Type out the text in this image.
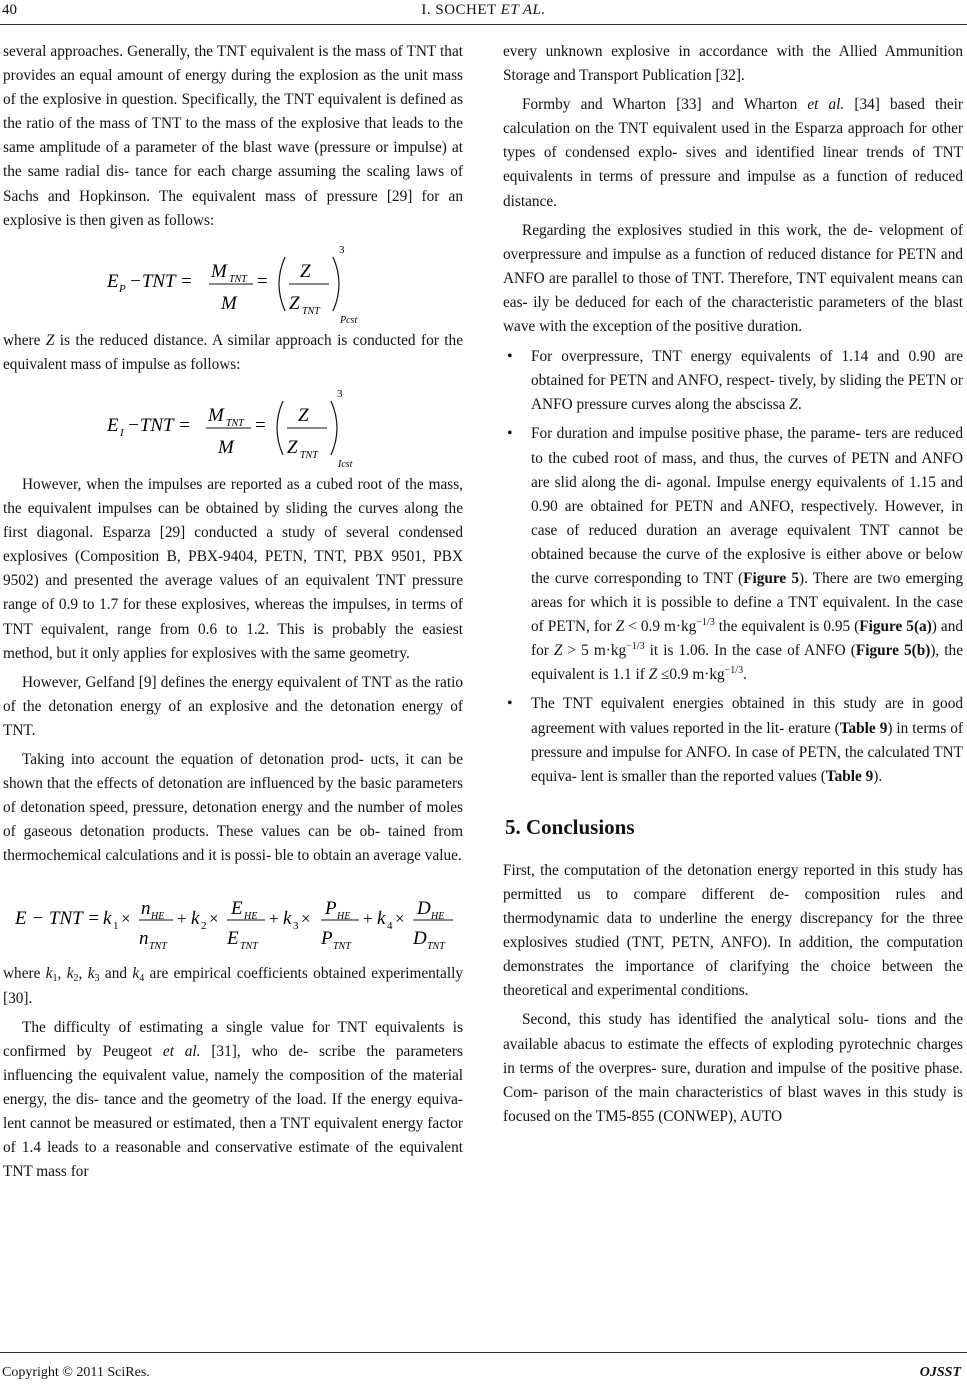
40	I. SOCHET ET AL.

several approaches. Generally, the TNT equivalent is the mass of TNT that provides an equal amount of energy during the explosion as the unit mass of the explosive in question. Specifically, the TNT equivalent is defined as the ratio of the mass of TNT to the mass of the explosive that leads to the same amplitude of a parameter of the blast wave (pressure or impulse) at the same radial dis- tance for each charge assuming the scaling laws of Sachs and Hopkinson. The equivalent mass of pressure [29] for an explosive is then given as follows:

E P −TNT = M TNT
M
= Z
Z TNT
3
Pcst

where Z is the reduced distance. A similar approach is conducted for the equivalent mass of impulse as follows:

E I −TNT = M TNT
M
= Z
Z TNT
3
Icst

However, when the impulses are reported as a cubed root of the mass, the equivalent impulses can be obtained by sliding the curves along the first diagonal. Esparza [29] conducted a study of several condensed explosives (Composition B, PBX-9404, PETN, TNT, PBX 9501, PBX 9502) and presented the average values of an equivalent TNT pressure range of 0.9 to 1.7 for these explosives, whereas the impulses, in terms of TNT equivalent, range from 0.6 to 1.2. This is probably the easiest method, but it only applies for explosives with the same geometry.

However, Gelfand [9] defines the energy equivalent of TNT as the ratio of the detonation energy of an explosive and the detonation energy of TNT.

Taking into account the equation of detonation prod- ucts, it can be shown that the effects of detonation are influenced by the basic parameters of detonation speed, pressure, detonation energy and the number of moles of gaseous detonation products. These values can be ob- tained from thermochemical calculations and it is possi- ble to obtain an average value.

E − TNT = k 1 × n HE
n TNT
+ k 2 × E HE
E TNT
+ k 3 × P HE
P TNT
+ k 4 × D HE
D TNT

where $k_1$, $k_2$, $k_3$ and $k_4$ are empirical coefficients obtained experimentally [30].

The difficulty of estimating a single value for TNT equivalents is confirmed by Peugeot et al. [31], who de- scribe the parameters influencing the equivalent value, namely the composition of the material energy, the dis- tance and the geometry of the load. If the energy equiva- lent cannot be measured or estimated, then a TNT equivalent energy factor of 1.4 leads to a reasonable and conservative estimate of the equivalent TNT mass for

every unknown explosive in accordance with the Allied Ammunition Storage and Transport Publication [32].

Formby and Wharton [33] and Wharton et al. [34] based their calculation on the TNT equivalent used in the Esparza approach for other types of condensed explo- sives and identified linear trends of TNT equivalents in terms of pressure and impulse as a function of reduced distance.

Regarding the explosives studied in this work, the de- velopment of overpressure and impulse as a function of reduced distance for PETN and ANFO are parallel to those of TNT. Therefore, TNT equivalent means can eas- ily be deduced for each of the characteristic parameters of the blast wave with the exception of the positive duration.

• For overpressure, TNT energy equivalents of 1.14 and 0.90 are obtained for PETN and ANFO, respect- tively, by sliding the PETN or ANFO pressure curves along the abscissa Z.
• For duration and impulse positive phase, the parame- ters are reduced to the cubed root of mass, and thus, the curves of PETN and ANFO are slid along the di- agonal. Impulse energy equivalents of 1.15 and 0.90 are obtained for PETN and ANFO, respectively. However, in case of reduced duration an average equivalent TNT cannot be obtained because the curve of the explosive is either above or below the curve corresponding to TNT (Figure 5). There are two emerging areas for which it is possible to define a TNT equivalent. In the case of PETN, for Z < 0.9 $m\cdot kg^{-1/3}$ the equivalent is 0.95 (Figure 5(a)) and for Z > 5 $m\cdot kg^{-1/3}$ it is 1.06. In the case of ANFO (Figure 5(b)), the equivalent is 1.1 if Z ≤0.9 $m\cdot kg^{-1/3}$.
• The TNT equivalent energies obtained in this study are in good agreement with values reported in the lit- erature (Table 9) in terms of pressure and impulse for ANFO. In case of PETN, the calculated TNT equiva- lent is smaller than the reported values (Table 9).
5. Conclusions

First, the computation of the detonation energy reported in this study has permitted us to compare different de- composition rules and thermodynamic data to underline the energy discrepancy for the three explosives studied (TNT, PETN, ANFO). In addition, the computation demonstrates the importance of clarifying the choice between the theoretical and experimental conditions.

Second, this study has identified the analytical solu- tions and the available abacus to estimate the effects of exploding pyrotechnic charges in terms of the overpres- sure, duration and impulse of the positive phase. Com- parison of the main characteristics of blast waves in this study is focused on the TM5-855 (CONWEP), AUTO

Copyright © 2011 SciRes.	OJSST
